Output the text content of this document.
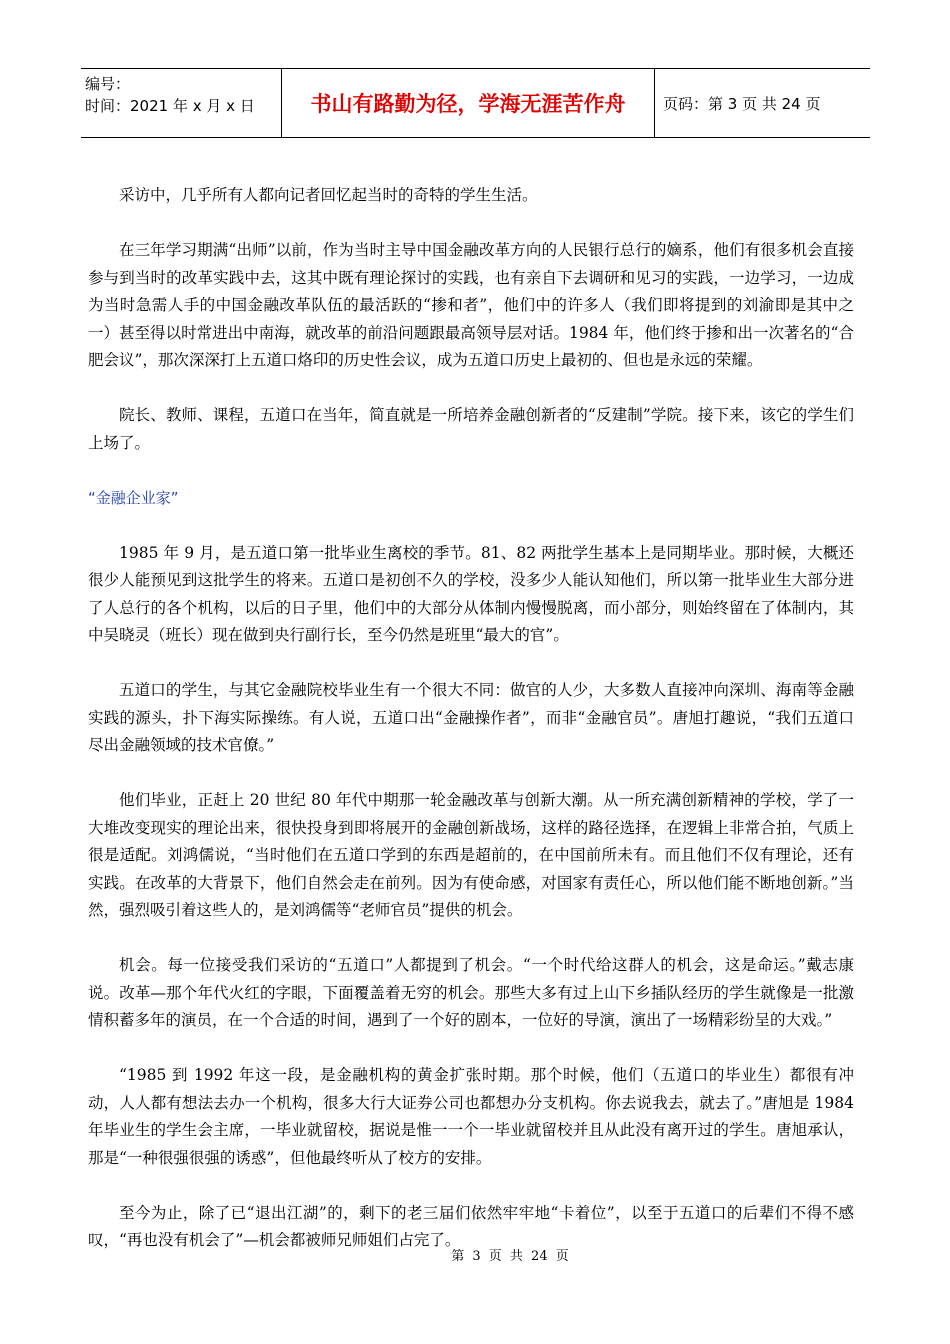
编号：
时间：2021 年 x 月 x 日	书山有路勤为径，学海无涯苦作舟	页码：第 3 页 共 24 页

采访中，几乎所有人都向记者回忆起当时的奇特的学生生活。

在三年学习期满“出师”以前，作为当时主导中国金融改革方向的人民银行总行的嫡系，他们有很多机会直接参与到当时的改革实践中去，这其中既有理论探讨的实践，也有亲自下去调研和见习的实践，一边学习，一边成为当时急需人手的中国金融改革队伍的最活跃的“掺和者”，他们中的许多人（我们即将提到的刘渝即是其中之一）甚至得以时常进出中南海，就改革的前沿问题跟最高领导层对话。1984 年，他们终于掺和出一次著名的“合肥会议”，那次深深打上五道口烙印的历史性会议，成为五道口历史上最初的、但也是永远的荣耀。

院长、教师、课程，五道口在当年，简直就是一所培养金融创新者的“反建制”学院。接下来，该它的学生们上场了。

“金融企业家”

1985 年 9 月，是五道口第一批毕业生离校的季节。81、82 两批学生基本上是同期毕业。那时候，大概还很少人能预见到这批学生的将来。五道口是初创不久的学校，没多少人能认知他们，所以第一批毕业生大部分进了人总行的各个机构，以后的日子里，他们中的大部分从体制内慢慢脱离，而小部分，则始终留在了体制内，其中吴晓灵（班长）现在做到央行副行长，至今仍然是班里“最大的官”。

五道口的学生，与其它金融院校毕业生有一个很大不同：做官的人少，大多数人直接冲向深圳、海南等金融实践的源头，扑下海实际操练。有人说，五道口出“金融操作者”，而非“金融官员”。唐旭打趣说，“我们五道口尽出金融领域的技术官僚。”

他们毕业，正赶上 20 世纪 80 年代中期那一轮金融改革与创新大潮。从一所充满创新精神的学校，学了一大堆改变现实的理论出来，很快投身到即将展开的金融创新战场，这样的路径选择，在逻辑上非常合拍，气质上很是适配。刘鸿儒说，“当时他们在五道口学到的东西是超前的，在中国前所未有。而且他们不仅有理论，还有实践。在改革的大背景下，他们自然会走在前列。因为有使命感，对国家有责任心，所以他们能不断地创新。”当然，强烈吸引着这些人的，是刘鸿儒等“老师官员”提供的机会。

机会。每一位接受我们采访的“五道口”人都提到了机会。“一个时代给这群人的机会，这是命运。”戴志康说。改革—那个年代火红的字眼，下面覆盖着无穷的机会。那些大多有过上山下乡插队经历的学生就像是一批激情积蓄多年的演员，在一个合适的时间，遇到了一个好的剧本，一位好的导演，演出了一场精彩纷呈的大戏。”

“1985 到 1992 年这一段，是金融机构的黄金扩张时期。那个时候，他们（五道口的毕业生）都很有冲动，人人都有想法去办一个机构，很多大行大证券公司也都想办分支机构。你去说我去，就去了。”唐旭是 1984 年毕业生的学生会主席，一毕业就留校，据说是惟一一个一毕业就留校并且从此没有离开过的学生。唐旭承认，那是“一种很强很强的诱惑”，但他最终听从了校方的安排。

至今为止，除了已“退出江湖”的，剩下的老三届们依然牢牢地“卡着位”，以至于五道口的后辈们不得不感叹，“再也没有机会了”—机会都被师兄师姐们占完了。

第 3 页 共 24 页
